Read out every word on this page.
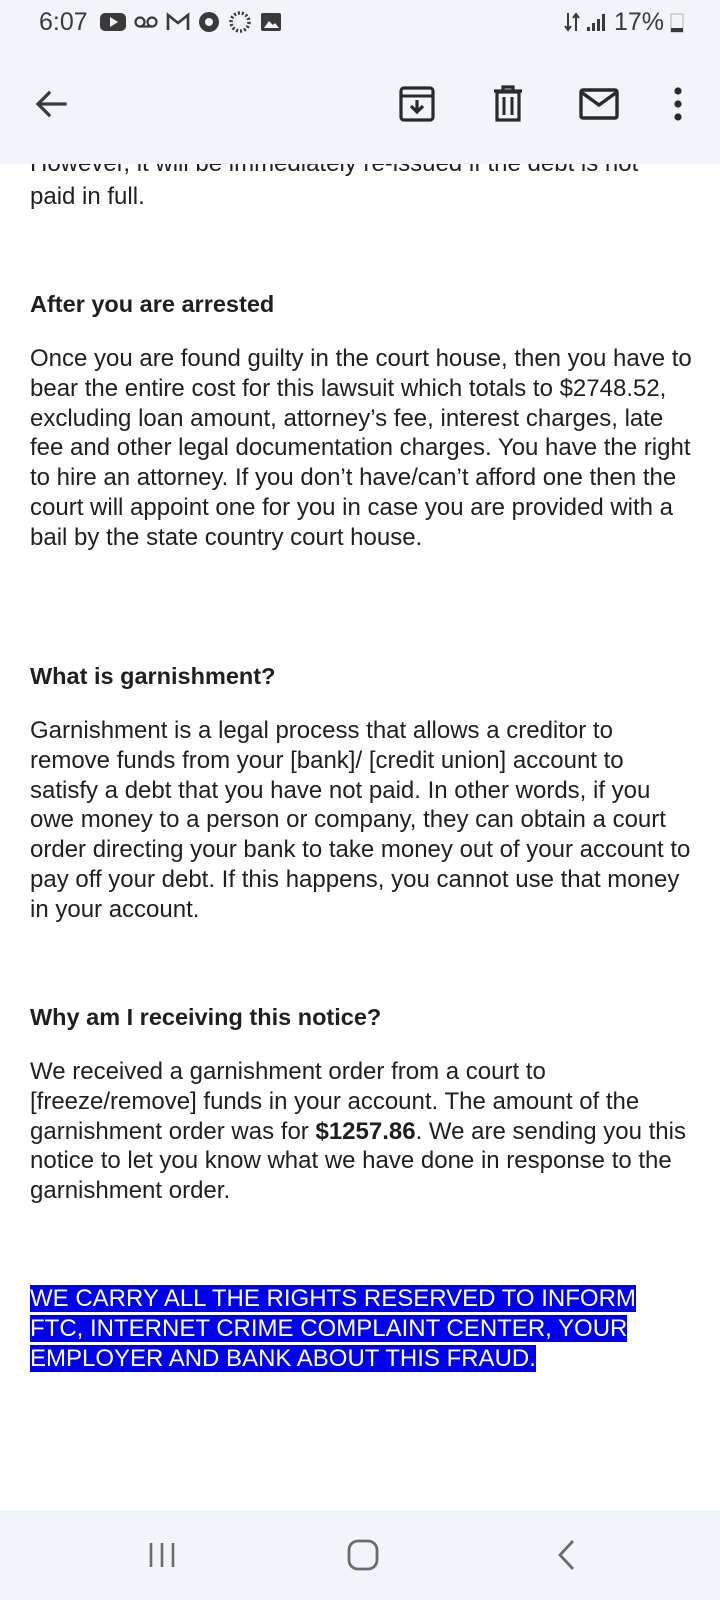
6:07	17%

paid in full.

After you are arrested

Once you are found guilty in the court house, then you have to bear the entire cost for this lawsuit which totals to $2748.52, excluding loan amount, attorney’s fee, interest charges, late fee and other legal documentation charges. You have the right to hire an attorney. If you don’t have/can’t afford one then the court will appoint one for you in case you are provided with a bail by the state country court house.

What is garnishment?

Garnishment is a legal process that allows a creditor to remove funds from your [bank]/ [credit union] account to satisfy a debt that you have not paid. In other words, if you owe money to a person or company, they can obtain a court order directing your bank to take money out of your account to pay off your debt. If this happens, you cannot use that money in your account.

Why am I receiving this notice?

We received a garnishment order from a court to [freeze/remove] funds in your account. The amount of the garnishment order was for $1257.86. We are sending you this notice to let you know what we have done in response to the garnishment order.

WE CARRY ALL THE RIGHTS RESERVED TO INFORM FTC, INTERNET CRIME COMPLAINT CENTER, YOUR EMPLOYER AND BANK ABOUT THIS FRAUD.
